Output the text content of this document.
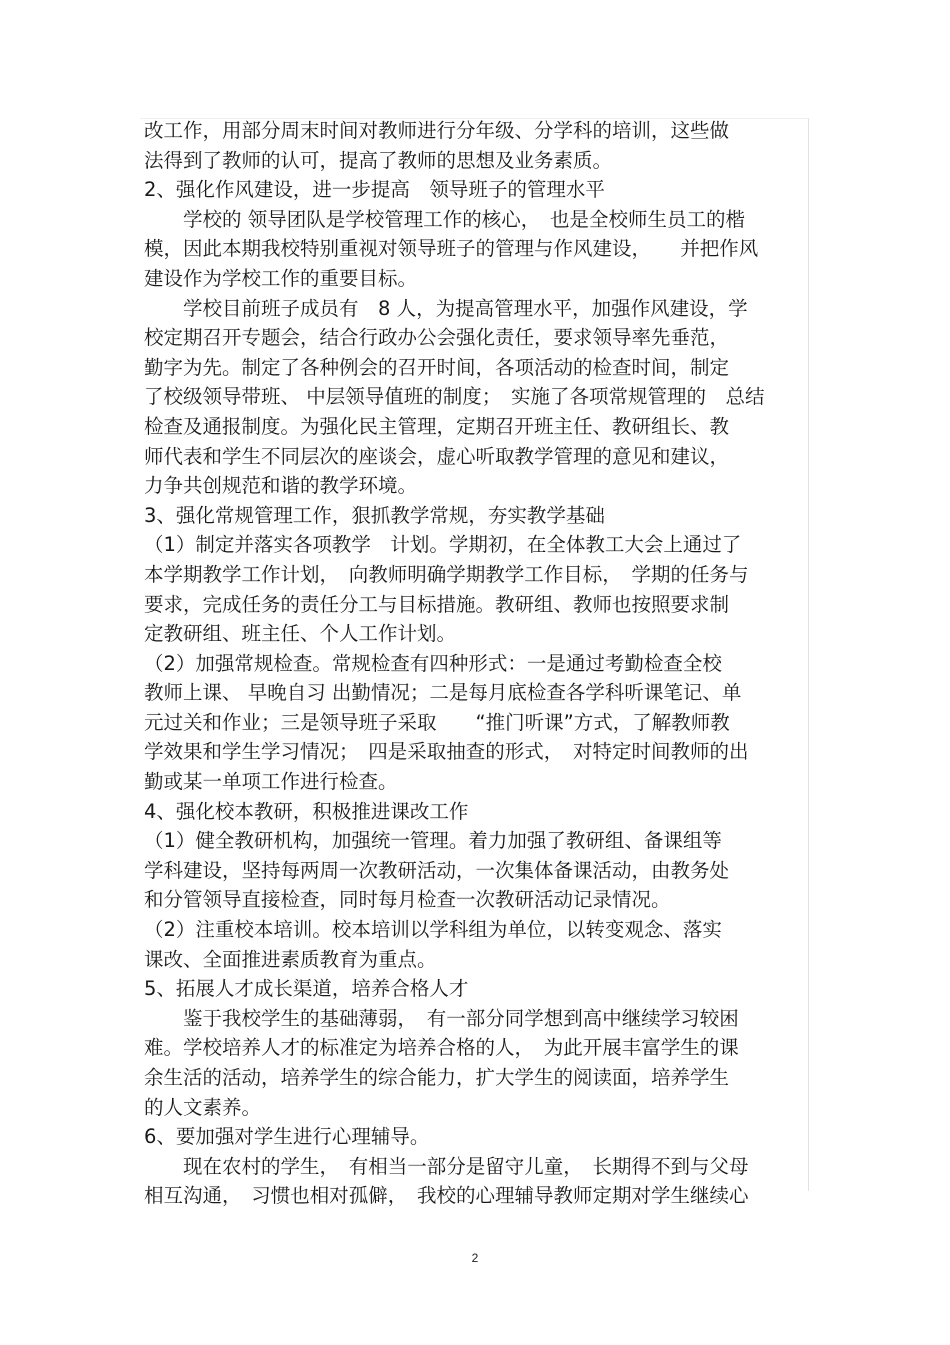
改工作，用部分周末时间对教师进行分年级、分学科的培训，这些做
法得到了教师的认可，提高了教师的思想及业务素质。
2、强化作风建设，进一步提高　领导班子的管理水平
　　学校的 领导团队是学校管理工作的核心，　也是全校师生员工的楷
模，因此本期我校特别重视对领导班子的管理与作风建设，　　并把作风
建设作为学校工作的重要目标。
　　学校目前班子成员有　8 人，为提高管理水平，加强作风建设，学
校定期召开专题会，结合行政办公会强化责任，要求领导率先垂范，
勤字为先。制定了各种例会的召开时间，各项活动的检查时间，制定
了校级领导带班、 中层领导值班的制度；　实施了各项常规管理的　总结
检查及通报制度。为强化民主管理，定期召开班主任、教研组长、教
师代表和学生不同层次的座谈会，虚心听取教学管理的意见和建议，
力争共创规范和谐的教学环境。
3、强化常规管理工作，狠抓教学常规，夯实教学基础
（1）制定并落实各项教学　计划。学期初，在全体教工大会上通过了
本学期教学工作计划，　向教师明确学期教学工作目标，　学期的任务与
要求，完成任务的责任分工与目标措施。教研组、教师也按照要求制
定教研组、班主任、个人工作计划。
（2）加强常规检查。常规检查有四种形式：一是通过考勤检查全校
教师上课、 早晚自习 出勤情况；二是每月底检查各学科听课笔记、单
元过关和作业；三是领导班子采取　　“推门听课”方式，了解教师教
学效果和学生学习情况；　四是采取抽查的形式，　对特定时间教师的出
勤或某一单项工作进行检查。
4、强化校本教研，积极推进课改工作
（1）健全教研机构，加强统一管理。着力加强了教研组、备课组等
学科建设，坚持每两周一次教研活动，一次集体备课活动，由教务处
和分管领导直接检查，同时每月检查一次教研活动记录情况。
（2）注重校本培训。校本培训以学科组为单位，以转变观念、落实
课改、全面推进素质教育为重点。
5、拓展人才成长渠道，培养合格人才
　　鉴于我校学生的基础薄弱，　有一部分同学想到高中继续学习较困
难。学校培养人才的标准定为培养合格的人，　为此开展丰富学生的课
余生活的活动，培养学生的综合能力，扩大学生的阅读面，培养学生
的人文素养。
6、要加强对学生进行心理辅导。
　　现在农村的学生，　有相当一部分是留守儿童，　长期得不到与父母
相互沟通，　习惯也相对孤僻，　我校的心理辅导教师定期对学生继续心
2
